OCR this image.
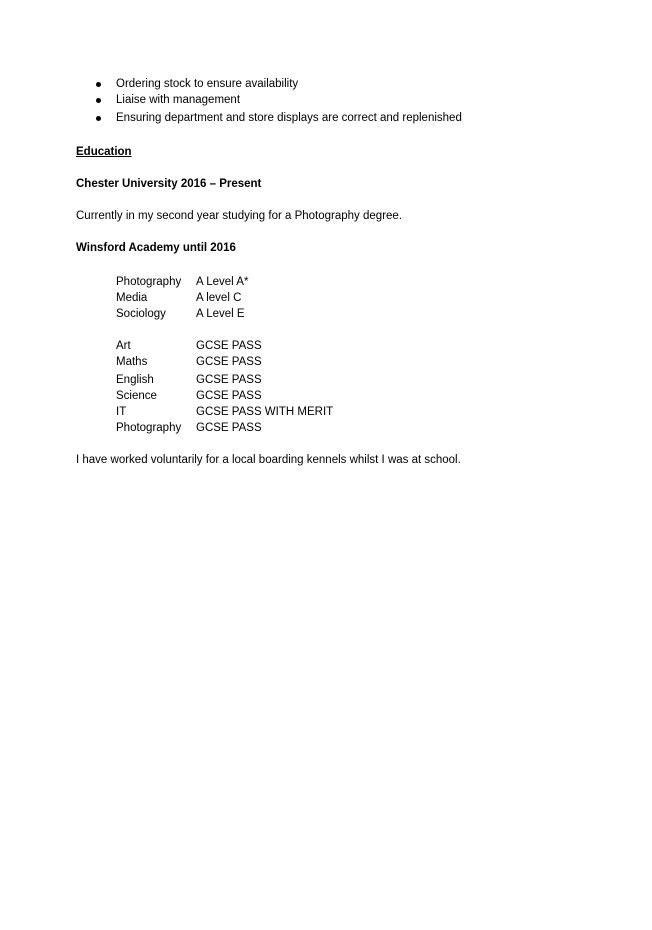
Ordering stock to ensure availability
Liaise with management
Ensuring department and store displays are correct and replenished
Education
Chester University 2016 – Present
Currently in my second year studying for a Photography degree.
Winsford Academy until 2016
Photography A Level A*
Media	A level C
Sociology	A Level E
Art	GCSE PASS
Maths	GCSE PASS
English	GCSE PASS
Science	GCSE PASS
IT	GCSE PASS WITH MERIT
Photography GCSE PASS
I have worked voluntarily for a local boarding kennels whilst I was at school.
